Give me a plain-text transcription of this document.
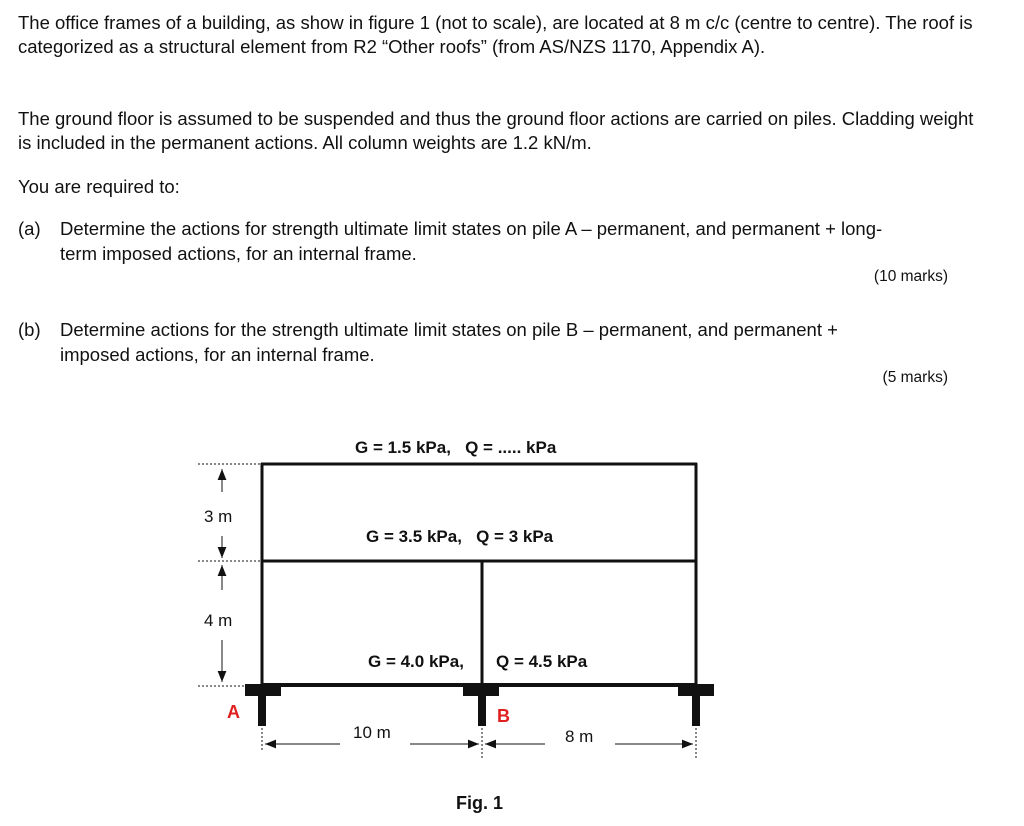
The office frames of a building, as show in figure 1 (not to scale), are located at 8 m c/c (centre to centre). The roof is categorized as a structural element from R2 “Other roofs” (from AS/NZS 1170, Appendix A).

The ground floor is assumed to be suspended and thus the ground floor actions are carried on piles. Cladding weight is included in the permanent actions. All column weights are 1.2 kN/m.

You are required to:

(a) Determine the actions for strength ultimate limit states on pile A – permanent, and permanent + long-term imposed actions, for an internal frame.
(10 marks)
(b) Determine actions for the strength ultimate limit states on pile B – permanent, and permanent + imposed actions, for an internal frame.
(5 marks)
G = 1.5 kPa,   Q = ..... kPa
G = 3.5 kPa,   Q = 3 kPa
G = 4.0 kPa, Q = 4.5 kPa
3 m
4 m
A	B
10 m	8 m
Fig. 1
